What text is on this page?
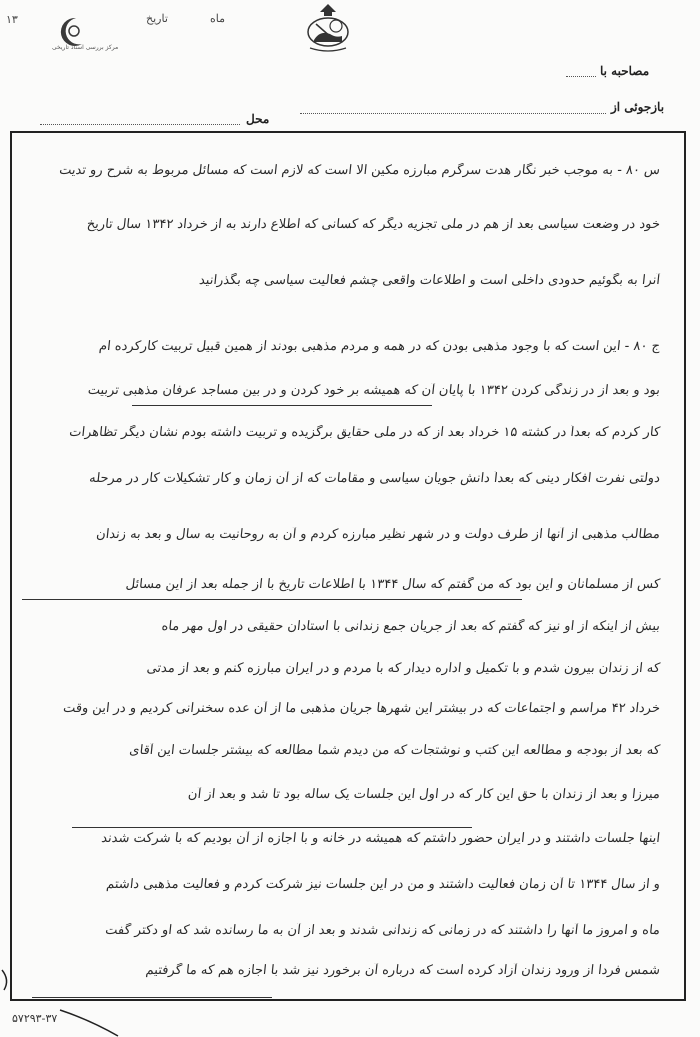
۱۳
مرکز بررسی اسناد تاریخی
تاریخ	ماه
مصاحبه با
بازجوئی از
محل
س ۸۰ - به موجب خبر نگار هدت سرگرم مبارزه مکین الا است که لازم است که مسائل مربوط به شرح رو تدیت
خود در وضعت سیاسی بعد از هم در ملی تجزیه دیگر که کسانی که اطلاع دارند به از خرداد ۱۳۴۲ سال تاریخ
آنرا به بگوئیم حدودی داخلی است و اطلاعات واقعی چشم فعالیت سیاسی چه بگذرانید
ج ۸۰ - این است که با وجود مذهبی بودن که در همه و مردم مذهبی بودند از همین قبیل تربیت کارکرده ام
بود و بعد از در زندگی کردن ۱۳۴۲ با پایان آن که همیشه بر خود کردن و در بین مساجد عرفان مذهبی تربیت
کار کردم که بعداً در کشته ۱۵ خرداد بعد از که در ملی حقایق برگزیده و تربیت داشته بودم نشان دیگر تظاهرات
دولتی نفرت افکار دینی که بعداً دانش جویان سیاسی و مقامات که از آن زمان و کار تشکیلات کار در مرحله
مطالب مذهبی از آنها از طرف دولت و در شهر نظیر مبارزه کردم و آن به روحانیت به سال و بعد به زندان
کس از مسلمانان و این بود که من گفتم که سال ۱۳۴۴ با اطلاعات تاریخ با از جمله بعد از این مسائل
بیش از اینکه از او نیز که گفتم که بعد از جریان جمع زندانی با استادان حقیقی در اول مهر ماه
که از زندان بیرون شدم و با تکمیل و اداره دیدار که با مردم و در ایران مبارزه کنم و بعد از مدتی
خرداد ۴۲ مراسم و اجتماعات که در بیشتر این شهرها جریان مذهبی ما از آن عده سخنرانی کردیم و در این وقت
که بعد از بودجه و مطالعه این کتب و نوشتجات که من دیدم شما مطالعه که بیشتر جلسات این آقای
میرزا و بعد از زندان با حق این کار که در اول این جلسات یک ساله بود تا شد و بعد از آن
اینها جلسات داشتند و در ایران حضور داشتم که همیشه در خانه و با اجازه از آن بودیم که با شرکت شدند
و از سال ۱۳۴۴ تا آن زمان فعالیت داشتند و من در این جلسات نیز شرکت کردم و فعالیت مذهبی داشتم
ماه و امروز ما آنها را داشتند که در زمانی که زندانی شدند و بعد از آن به ما رسانده شد که او دکتر گفت
شمس فردا از ورود زندان آزاد کرده است که درباره آن برخورد نیز شد با اجازه هم که ما گرفتیم
۵۷۲۹۳-۳۷
